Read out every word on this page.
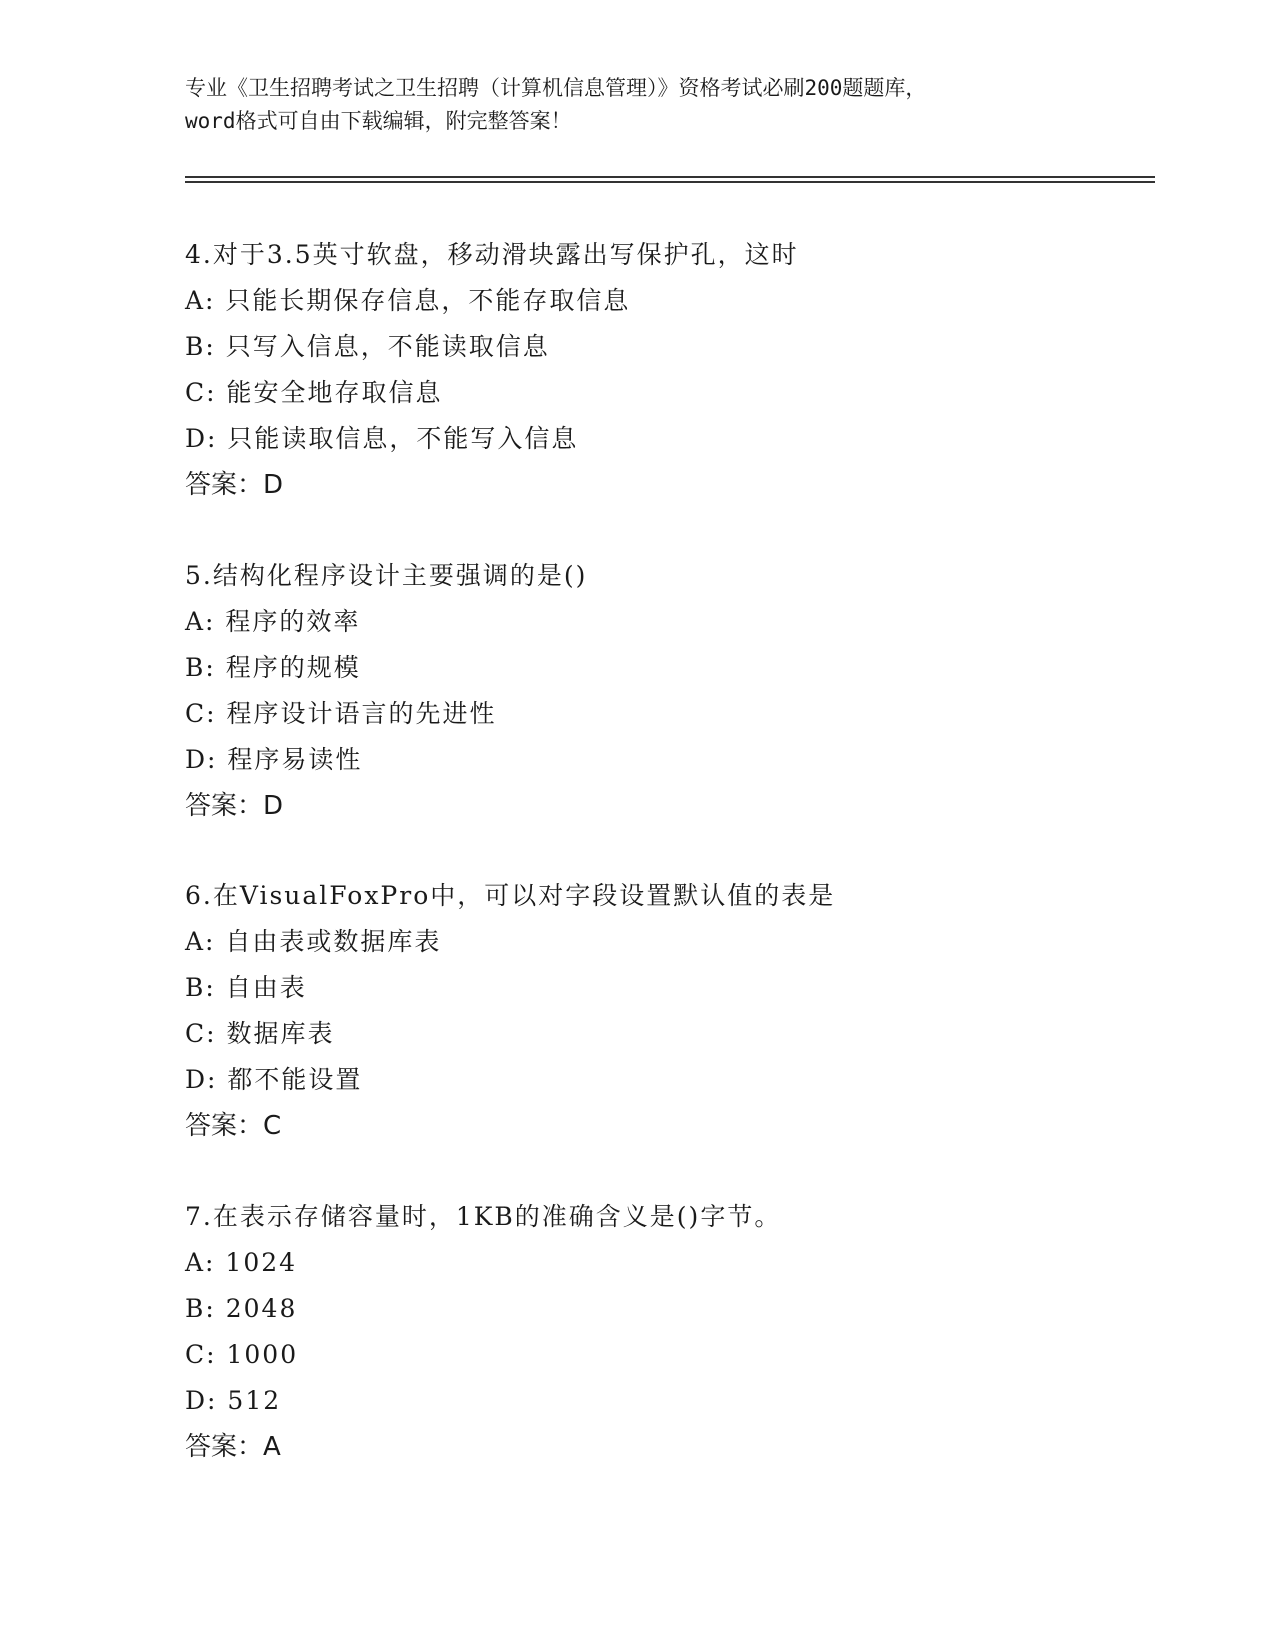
专业《卫生招聘考试之卫生招聘（计算机信息管理）》资格考试必刷200题题库，
word格式可自由下载编辑，附完整答案！
4.对于3.5英寸软盘，移动滑块露出写保护孔，这时
A: 只能长期保存信息，不能存取信息
B: 只写入信息，不能读取信息
C: 能安全地存取信息
D: 只能读取信息，不能写入信息
答案：D
5.结构化程序设计主要强调的是()
A: 程序的效率
B: 程序的规模
C: 程序设计语言的先进性
D: 程序易读性
答案：D
6.在VisualFoxPro中，可以对字段设置默认值的表是
A: 自由表或数据库表
B: 自由表
C: 数据库表
D: 都不能设置
答案：C
7.在表示存储容量时，1KB的准确含义是()字节。
A: 1024
B: 2048
C: 1000
D: 512
答案：A
